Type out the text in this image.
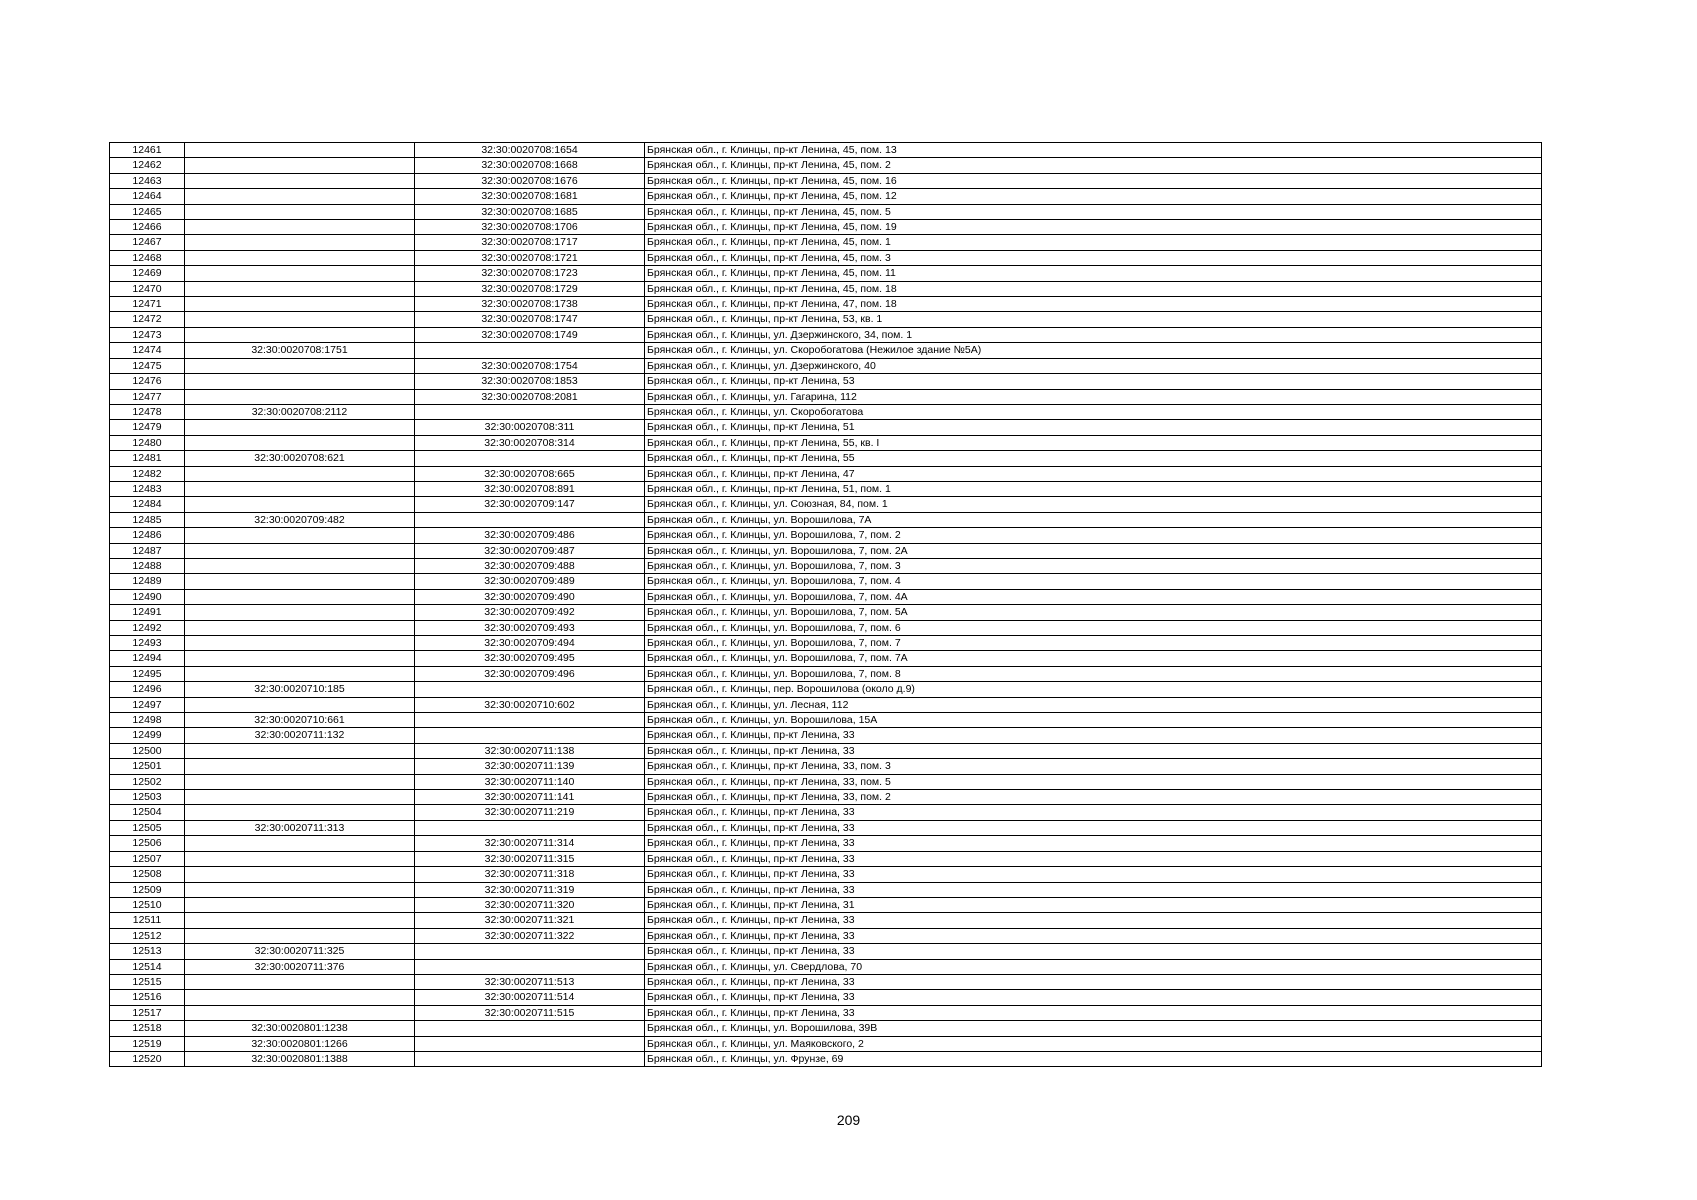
12461		32:30:0020708:1654	Брянская обл., г. Клинцы, пр-кт Ленина, 45, пом. 13
12462		32:30:0020708:1668	Брянская обл., г. Клинцы, пр-кт Ленина, 45, пом. 2
12463		32:30:0020708:1676	Брянская обл., г. Клинцы, пр-кт Ленина, 45, пом. 16
12464		32:30:0020708:1681	Брянская обл., г. Клинцы, пр-кт Ленина, 45, пом. 12
12465		32:30:0020708:1685	Брянская обл., г. Клинцы, пр-кт Ленина, 45, пом. 5
12466		32:30:0020708:1706	Брянская обл., г. Клинцы, пр-кт Ленина, 45, пом. 19
12467		32:30:0020708:1717	Брянская обл., г. Клинцы, пр-кт Ленина, 45, пом. 1
12468		32:30:0020708:1721	Брянская обл., г. Клинцы, пр-кт Ленина, 45, пом. 3
12469		32:30:0020708:1723	Брянская обл., г. Клинцы, пр-кт Ленина, 45, пом. 11
12470		32:30:0020708:1729	Брянская обл., г. Клинцы, пр-кт Ленина, 45, пом. 18
12471		32:30:0020708:1738	Брянская обл., г. Клинцы, пр-кт Ленина, 47, пом. 18
12472		32:30:0020708:1747	Брянская обл., г. Клинцы, пр-кт Ленина, 53, кв. 1
12473		32:30:0020708:1749	Брянская обл., г. Клинцы, ул. Дзержинского, 34, пом. 1
12474	32:30:0020708:1751		Брянская обл., г. Клинцы, ул. Скоробогатова (Нежилое здание №5А)
12475		32:30:0020708:1754	Брянская обл., г. Клинцы, ул. Дзержинского, 40
12476		32:30:0020708:1853	Брянская обл., г. Клинцы, пр-кт Ленина, 53
12477		32:30:0020708:2081	Брянская обл., г. Клинцы, ул. Гагарина, 112
12478	32:30:0020708:2112		Брянская обл., г. Клинцы, ул. Скоробогатова
12479		32:30:0020708:311	Брянская обл., г. Клинцы, пр-кт Ленина, 51
12480		32:30:0020708:314	Брянская обл., г. Клинцы, пр-кт Ленина, 55, кв. I
12481	32:30:0020708:621		Брянская обл., г. Клинцы, пр-кт Ленина, 55
12482		32:30:0020708:665	Брянская обл., г. Клинцы, пр-кт Ленина, 47
12483		32:30:0020708:891	Брянская обл., г. Клинцы, пр-кт Ленина, 51, пом. 1
12484		32:30:0020709:147	Брянская обл., г. Клинцы, ул. Союзная, 84, пом. 1
12485	32:30:0020709:482		Брянская обл., г. Клинцы, ул. Ворошилова, 7А
12486		32:30:0020709:486	Брянская обл., г. Клинцы, ул. Ворошилова, 7, пом. 2
12487		32:30:0020709:487	Брянская обл., г. Клинцы, ул. Ворошилова, 7, пом. 2А
12488		32:30:0020709:488	Брянская обл., г. Клинцы, ул. Ворошилова, 7, пом. 3
12489		32:30:0020709:489	Брянская обл., г. Клинцы, ул. Ворошилова, 7, пом. 4
12490		32:30:0020709:490	Брянская обл., г. Клинцы, ул. Ворошилова, 7, пом. 4А
12491		32:30:0020709:492	Брянская обл., г. Клинцы, ул. Ворошилова, 7, пом. 5А
12492		32:30:0020709:493	Брянская обл., г. Клинцы, ул. Ворошилова, 7, пом. 6
12493		32:30:0020709:494	Брянская обл., г. Клинцы, ул. Ворошилова, 7, пом. 7
12494		32:30:0020709:495	Брянская обл., г. Клинцы, ул. Ворошилова, 7, пом. 7А
12495		32:30:0020709:496	Брянская обл., г. Клинцы, ул. Ворошилова, 7, пом. 8
12496	32:30:0020710:185		Брянская обл., г. Клинцы, пер. Ворошилова (около д.9)
12497		32:30:0020710:602	Брянская обл., г. Клинцы, ул. Лесная, 112
12498	32:30:0020710:661		Брянская обл., г. Клинцы, ул. Ворошилова, 15А
12499	32:30:0020711:132		Брянская обл., г. Клинцы, пр-кт Ленина, 33
12500		32:30:0020711:138	Брянская обл., г. Клинцы, пр-кт Ленина, 33
12501		32:30:0020711:139	Брянская обл., г. Клинцы, пр-кт Ленина, 33, пом. 3
12502		32:30:0020711:140	Брянская обл., г. Клинцы, пр-кт Ленина, 33, пом. 5
12503		32:30:0020711:141	Брянская обл., г. Клинцы, пр-кт Ленина, 33, пом. 2
12504		32:30:0020711:219	Брянская обл., г. Клинцы, пр-кт Ленина, 33
12505	32:30:0020711:313		Брянская обл., г. Клинцы, пр-кт Ленина, 33
12506		32:30:0020711:314	Брянская обл., г. Клинцы, пр-кт Ленина, 33
12507		32:30:0020711:315	Брянская обл., г. Клинцы, пр-кт Ленина, 33
12508		32:30:0020711:318	Брянская обл., г. Клинцы, пр-кт Ленина, 33
12509		32:30:0020711:319	Брянская обл., г. Клинцы, пр-кт Ленина, 33
12510		32:30:0020711:320	Брянская обл., г. Клинцы, пр-кт Ленина, 31
12511		32:30:0020711:321	Брянская обл., г. Клинцы, пр-кт Ленина, 33
12512		32:30:0020711:322	Брянская обл., г. Клинцы, пр-кт Ленина, 33
12513	32:30:0020711:325		Брянская обл., г. Клинцы, пр-кт Ленина, 33
12514	32:30:0020711:376		Брянская обл., г. Клинцы, ул. Свердлова, 70
12515		32:30:0020711:513	Брянская обл., г. Клинцы, пр-кт Ленина, 33
12516		32:30:0020711:514	Брянская обл., г. Клинцы, пр-кт Ленина, 33
12517		32:30:0020711:515	Брянская обл., г. Клинцы, пр-кт Ленина, 33
12518	32:30:0020801:1238		Брянская обл., г. Клинцы, ул. Ворошилова, 39В
12519	32:30:0020801:1266		Брянская обл., г. Клинцы, ул. Маяковского, 2
12520	32:30:0020801:1388		Брянская обл., г. Клинцы, ул. Фрунзе, 69
209
